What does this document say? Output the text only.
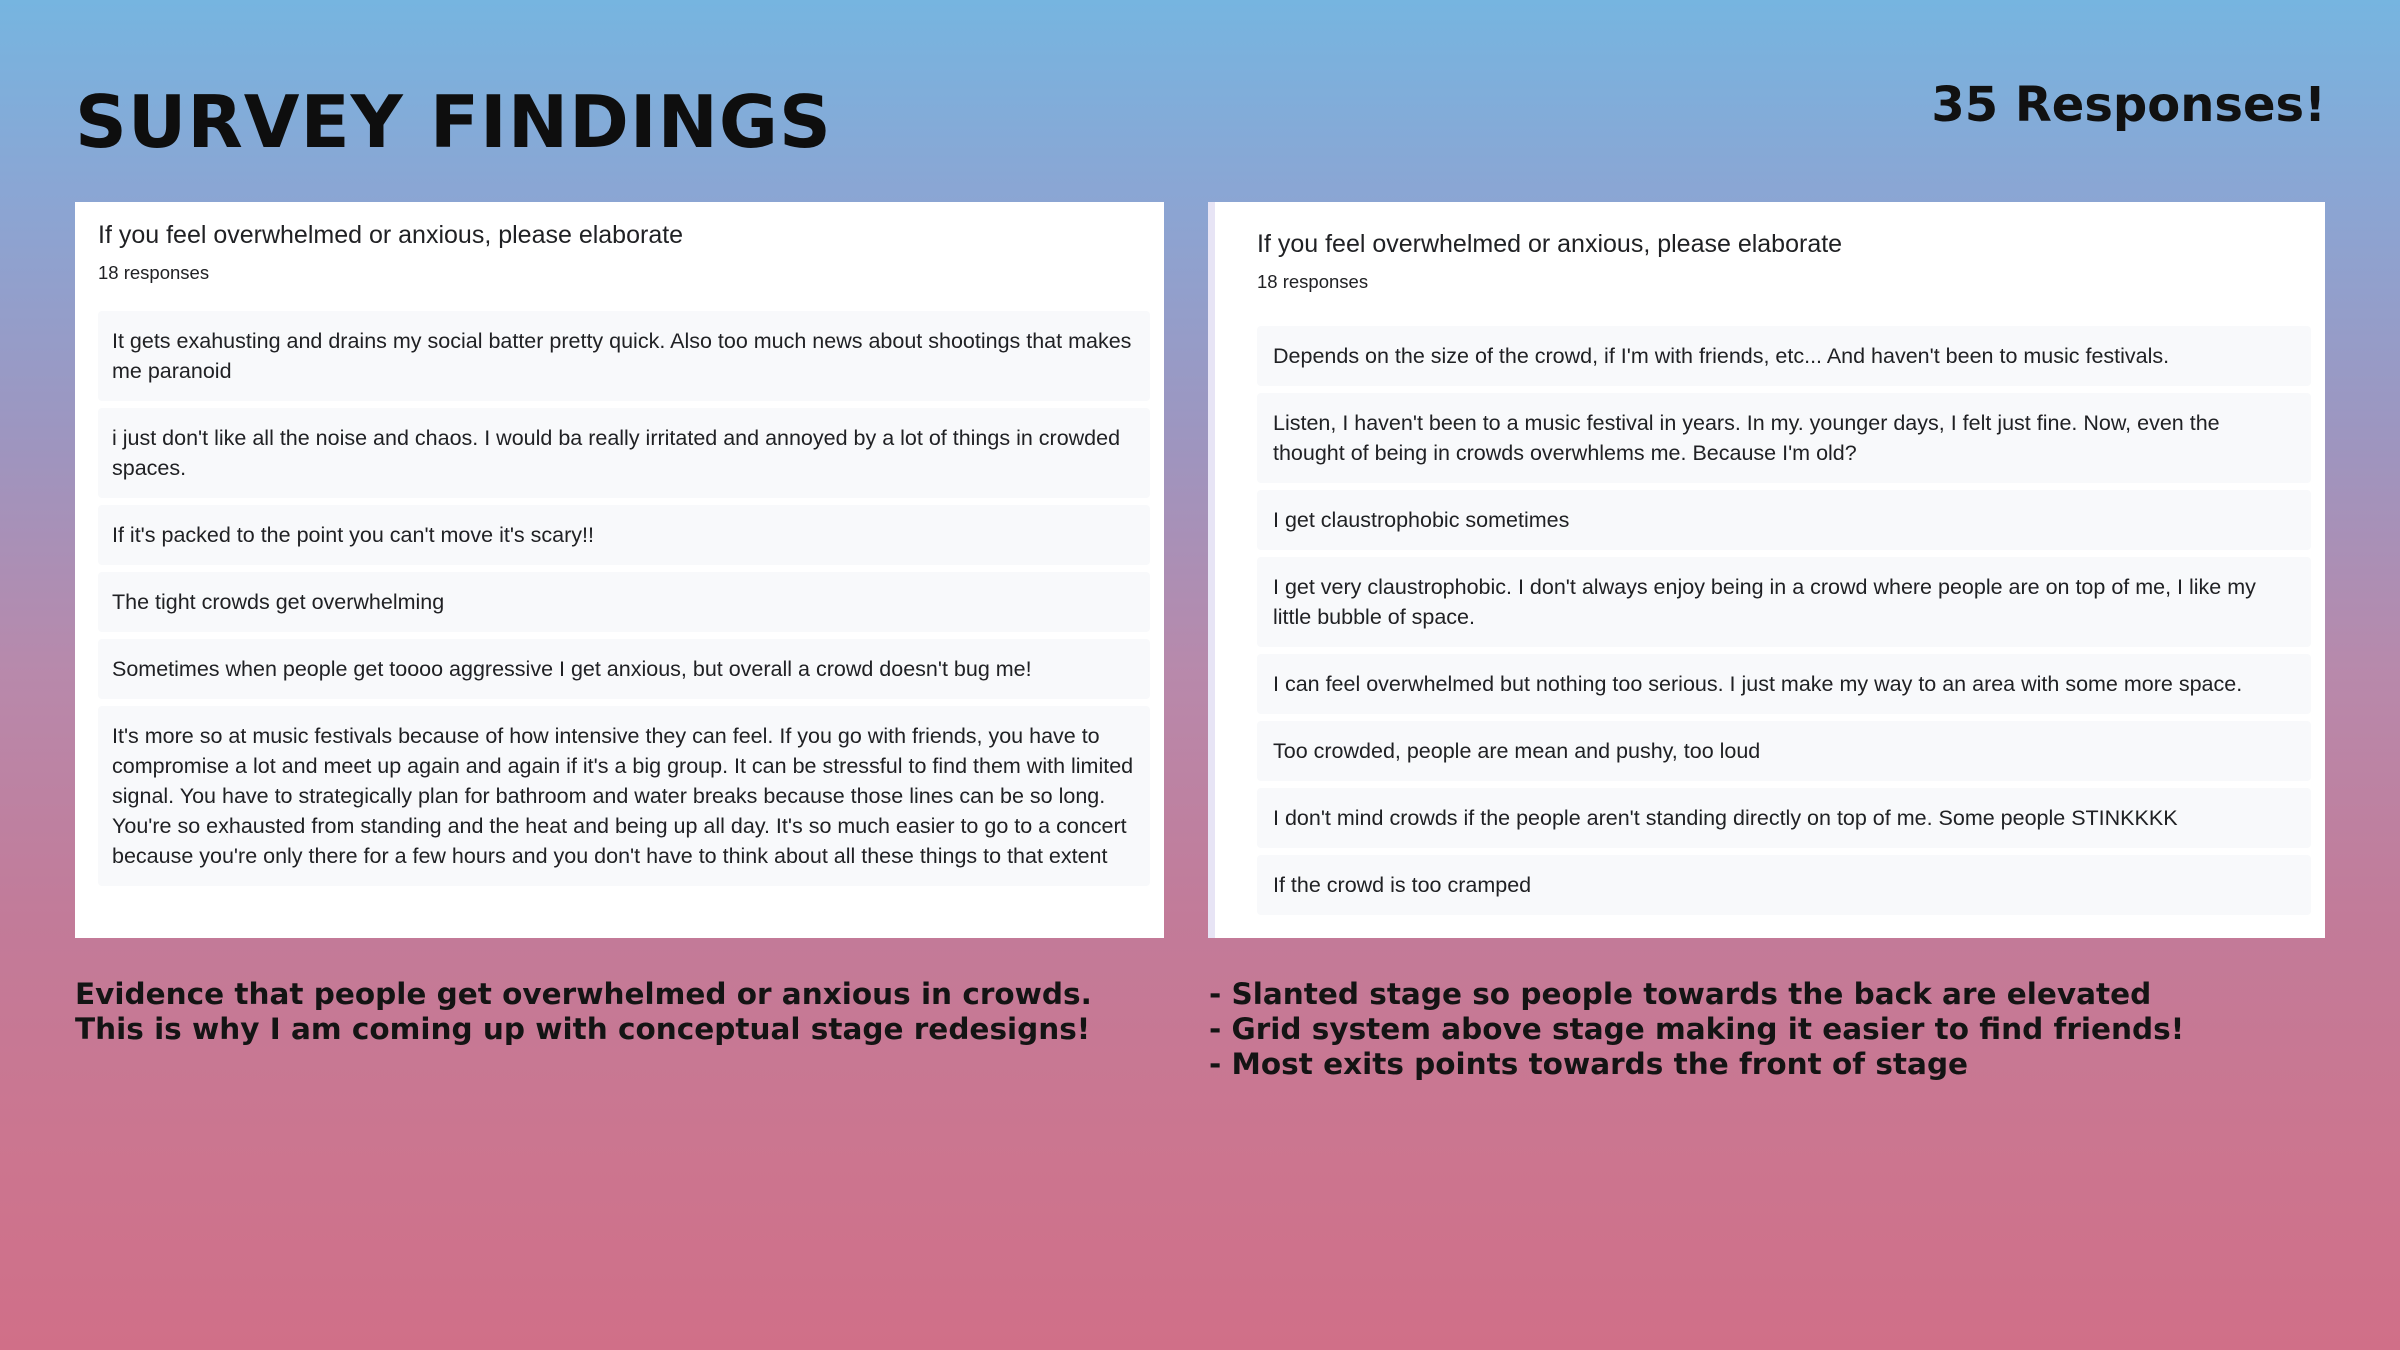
SURVEY FINDINGS	35 Responses!

If you feel overwhelmed or anxious, please elaborate

18 responses

It gets exahusting and drains my social batter pretty quick. Also too much news about shootings that makes me paranoid
i just don't like all the noise and chaos. I would ba really irritated and annoyed by a lot of things in crowded spaces.
If it's packed to the point you can't move it's scary!!
The tight crowds get overwhelming
Sometimes when people get toooo aggressive I get anxious, but overall a crowd doesn't bug me!
It's more so at music festivals because of how intensive they can feel. If you go with friends, you have to compromise a lot and meet up again and again if it's a big group. It can be stressful to find them with limited signal. You have to strategically plan for bathroom and water breaks because those lines can be so long. You're so exhausted from standing and the heat and being up all day. It's so much easier to go to a concert because you're only there for a few hours and you don't have to think about all these things to that extent

If you feel overwhelmed or anxious, please elaborate

18 responses

Depends on the size of the crowd, if I'm with friends, etc... And haven't been to music festivals.
Listen, I haven't been to a music festival in years. In my. younger days, I felt just fine. Now, even the thought of being in crowds overwhlems me. Because I'm old?
I get claustrophobic sometimes
I get very claustrophobic. I don't always enjoy being in a crowd where people are on top of me, I like my little bubble of space.
I can feel overwhelmed but nothing too serious. I just make my way to an area with some more space.
Too crowded, people are mean and pushy, too loud
I don't mind crowds if the people aren't standing directly on top of me. Some people STINKKKK
If the crowd is too cramped
Evidence that people get overwhelmed or anxious in crowds.
This is why I am coming up with conceptual stage redesigns!
- Slanted stage so people towards the back are elevated
- Grid system above stage making it easier to find friends!
- Most exits points towards the front of stage
